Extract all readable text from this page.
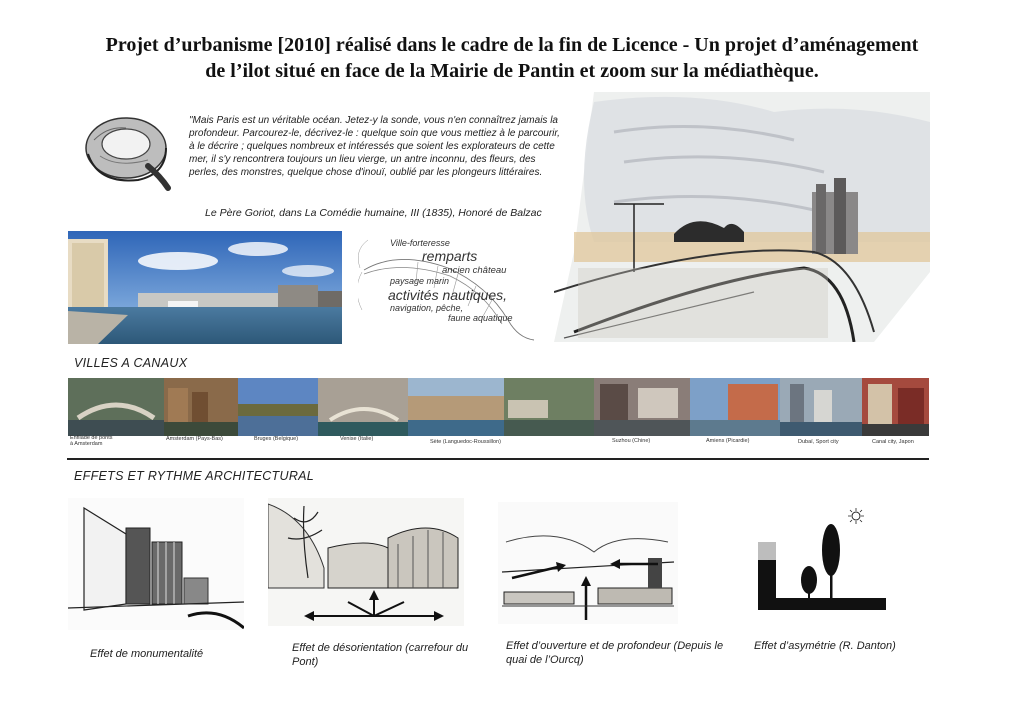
Projet d’urbanisme [2010] réalisé dans le cadre de la fin de Licence - Un projet d’aménagement
de l’ilot situé en face de la Mairie de Pantin et zoom sur la médiathèque.
"Mais Paris est un véritable océan. Jetez-y la sonde, vous n'en connaîtrez jamais la profondeur. Parcourez-le, décrivez-le : quelque soin que vous mettiez à le parcourir, à le décrire ; quelques nombreux et intéressés que soient les explorateurs de cette mer, il s'y rencontrera toujours un lieu vierge, un antre inconnu, des fleurs, des perles, des monstres, quelque chose d'inouï, oublié par les plongeurs littéraires.
Le Père Goriot, dans La Comédie humaine, III (1835), Honoré de Balzac
Ville-forteresse
remparts
ancien château
paysage marin
activités nautiques,
navigation, pêche,
faune aquatique
VILLES A CANAUX
Enfilade de ponts
à Amsterdam
Amsterdam (Pays-Bas)	Bruges (Belgique)	Venise (Italie)	Sète (Languedoc-Roussillon)	Suzhou (Chine)	Amiens (Picardie)	Dubaï, Sport city	Canal city, Japon
EFFETS ET RYTHME ARCHITECTURAL
Effet de monumentalité	Effet de désorientation (carrefour du Pont)
Effet d’ouverture et de profondeur (Depuis le quai de l’Ourcq)
Effet d’asymétrie (R. Danton)
